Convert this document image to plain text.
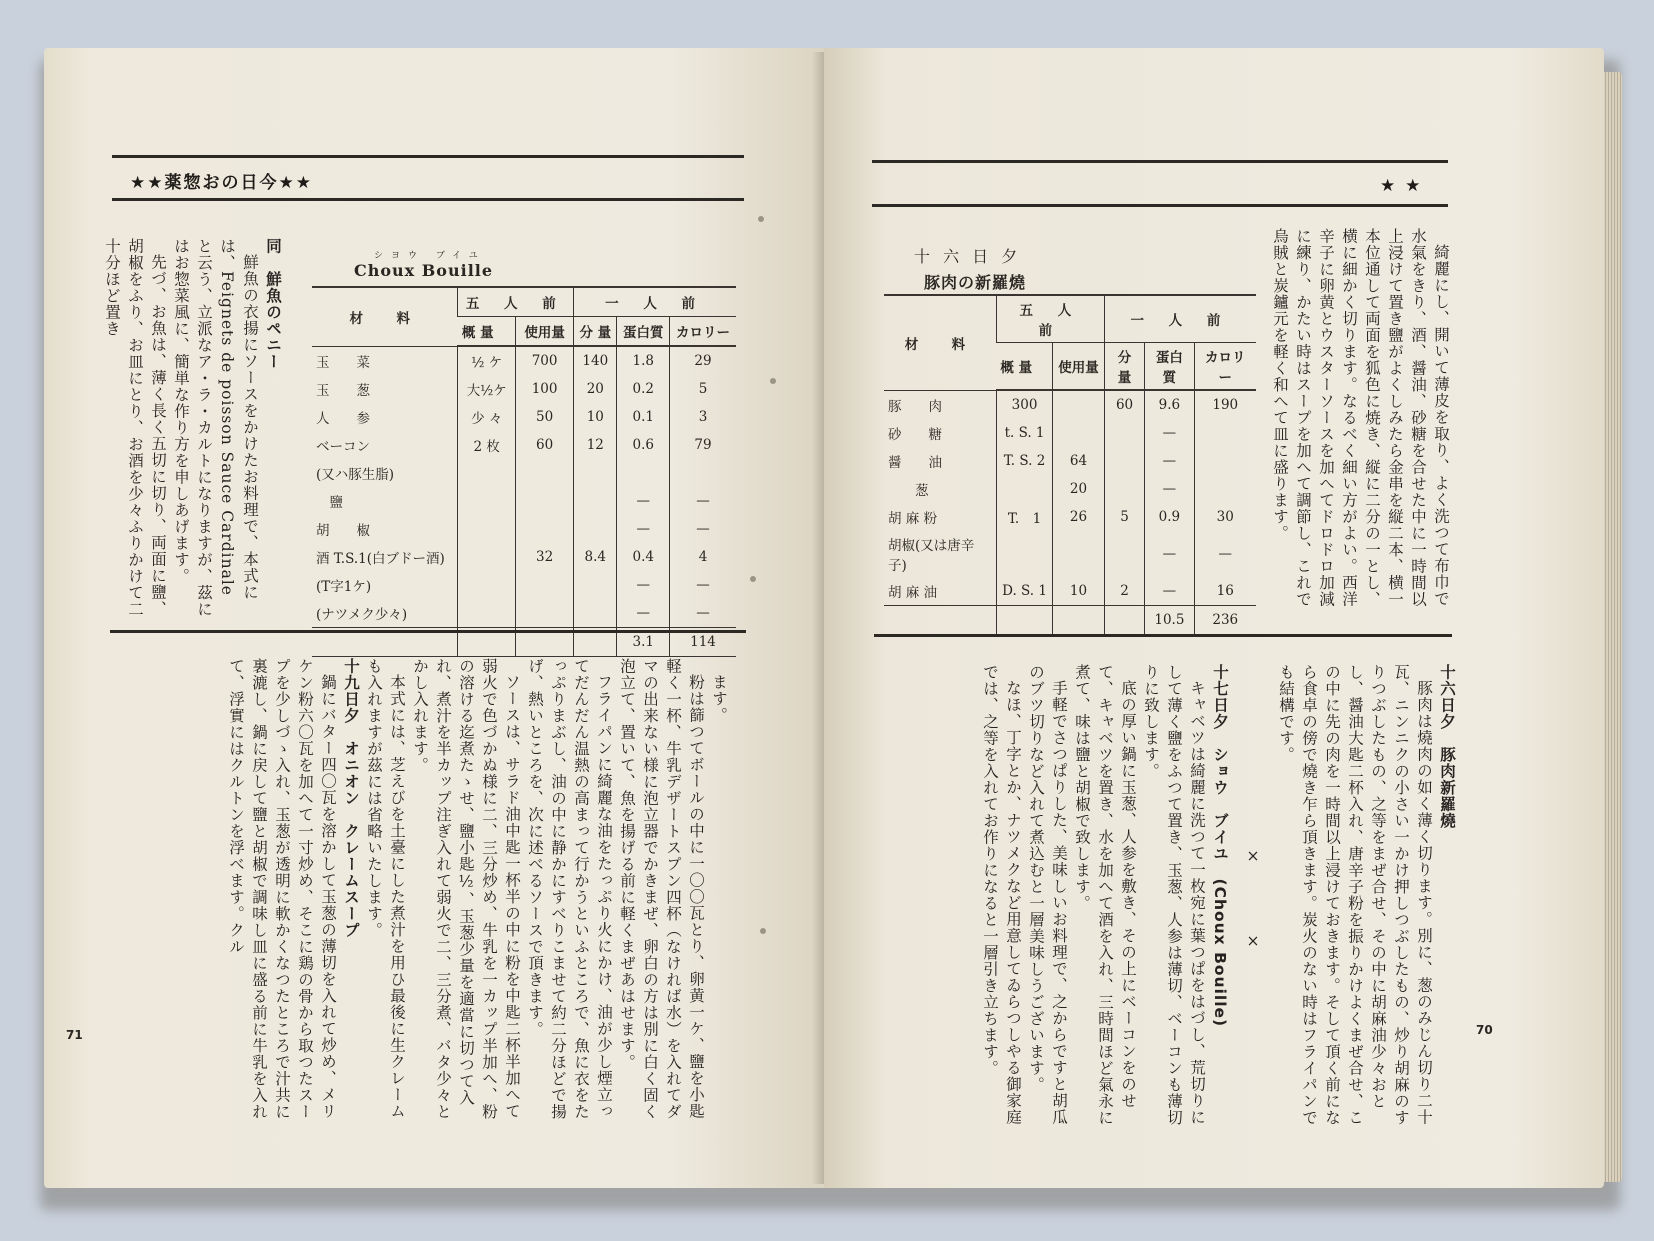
★★薬惣おの日今★★

同　鮮魚のペニー

鮮魚の衣揚にソースをかけたお料理で、本式には、Feignets de poisson Sauce Cardinale と云う、立派なア・ラ・カルトになりますが、茲にはお惣菜風に、簡単な作り方を申しあげます。

先づ、お魚は、薄く長く五切に切り、両面に鹽、胡椒をふり、お皿にとり、お酒を少々ふりかけて二十分ほど置き	シヨウ ブイユ
Choux Bouille
材　料	五 人 前		一 人 前		
	概 量	使用量	分 量	蛋白質	カロリー
玉　　菜	½ ケ	700	140	1.8	29
玉　　葱	大½ケ	100	20	0.2	5
人　　参	少 々	50	10	0.1	3
ベーコン	2 枚	60	12	0.6	79
(又ハ豚生脂)					
　鹽				—	—
胡　　椒				—	—
酒 T.S.1(白ブドー酒)		32	8.4	0.4	4
(T字1ケ)				—	—
(ナツメク少々)				—	—
				3.1	114

ます。

粉は篩つてボールの中に一〇〇瓦とり、卵黄一ケ、鹽を小匙軽く一杯、牛乳デザートスプン四杯（なければ水）を入れてダマの出来ない様に泡立器でかきまぜ、卵白の方は別に白く固く泡立て、置いて、魚を揚げる前に軽くまぜあはせます。

フライパンに綺麗な油をたっぷり火にかけ、油が少し煙立ってだんだん温熱の高まって行かうといふところで、魚に衣をたっぷりまぶし、油の中に静かにすべりこませて約二分ほどで揚げ、熱いところを、次に述べるソースで頂きます。

ソースは、サラド油中匙一杯半の中に粉を中匙二杯半加へて弱火で色づかぬ様に二、三分炒め、牛乳を一カップ半加へ、粉の溶ける迄煮たゝせ、鹽小匙½、玉葱少量を適當に切つて入れ、煮汁を半カップ注ぎ入れて弱火で二、三分煮、バタ少々とかし入れます。

本式には、芝えびを土臺にした煮汁を用ひ最後に生クレームも入れますが茲には省略いたします。

十九日夕　オニオン　クレームスープ

鍋にバター四〇瓦を溶かして玉葱の薄切を入れて炒め、メリケン粉六〇瓦を加へて一寸炒め、そこに鶏の骨から取つたスープを少しづゝ入れ、玉葱が透明に軟かくなつたところで汁共に裏漉し、鍋に戻して鹽と胡椒で調味し皿に盛る前に牛乳を入れて、浮實にはクルトンを浮べます。クル

71
★ ★
十 六 日 夕
豚肉の新羅燒
材　料	五 人 前		一 人 前		
	概 量	使用量	分 量	蛋白質	カロリー
豚　　肉	300		60	9.6	190
砂　　糖	t. S. 1			—	
醤　　油	T. S. 2	64		—	
　　葱		20		—	
胡 麻 粉	T.　1	26	5	0.9	30
胡椒(又は唐辛子)				—	—
胡 麻 油	D. S. 1	10	2	—	16
				10.5	236

綺麗にし、開いて薄皮を取り、よく洗つて布巾で水氣をきり、酒、醤油、砂糖を合せた中に一時間以上浸けて置き鹽がよくしみたら金串を縦二本、横一本位通して両面を狐色に焼き、縦に二分の一とし、横に細かく切ります。なるべく細い方がよい。西洋辛子に卵黄とウスターソースを加へてドロドロ加減に練り、かたい時はスープを加へて調節し、これで烏賊と炭鑪元を軽く和へて皿に盛ります。

十六日夕　豚肉新羅燒

豚肉は燒肉の如く薄く切ります。別に、葱のみじん切り二十瓦、ニンニクの小さい一かけ押しつぶしたもの、炒り胡麻のすりつぶしたもの、之等をまぜ合せ、その中に胡麻油少々おとし、醤油大匙二杯入れ、唐辛子粉を振りかけよくまぜ合せ、この中に先の肉を一時間以上浸けておきます。そして頂く前になら食卓の傍で燒き乍ら頂きます。炭火のない時はフライパンでも結構です。

×　　　　×

十七日夕　ショウ　ブイユ　(Choux Bouille)

キャベツは綺麗に洗つて一枚宛に葉つぱをはづし、荒切りにして薄く鹽をふつて置き、玉葱、人参は薄切、ベーコンも薄切りに致します。

底の厚い鍋に玉葱、人参を敷き、その上にベーコンをのせて、キャベツを置き、水を加へて酒を入れ、三時間ほど氣永に煮て、味は鹽と胡椒で致します。

手軽でさつぱりした、美味しいお料理で、之からですと胡瓜のブツ切りなど入れて煮込むと一層美味しうございます。

なほ、丁字とか、ナツメクなど用意してゐらつしやる御家庭では、之等を入れてお作りになると一層引き立ちます。	70
